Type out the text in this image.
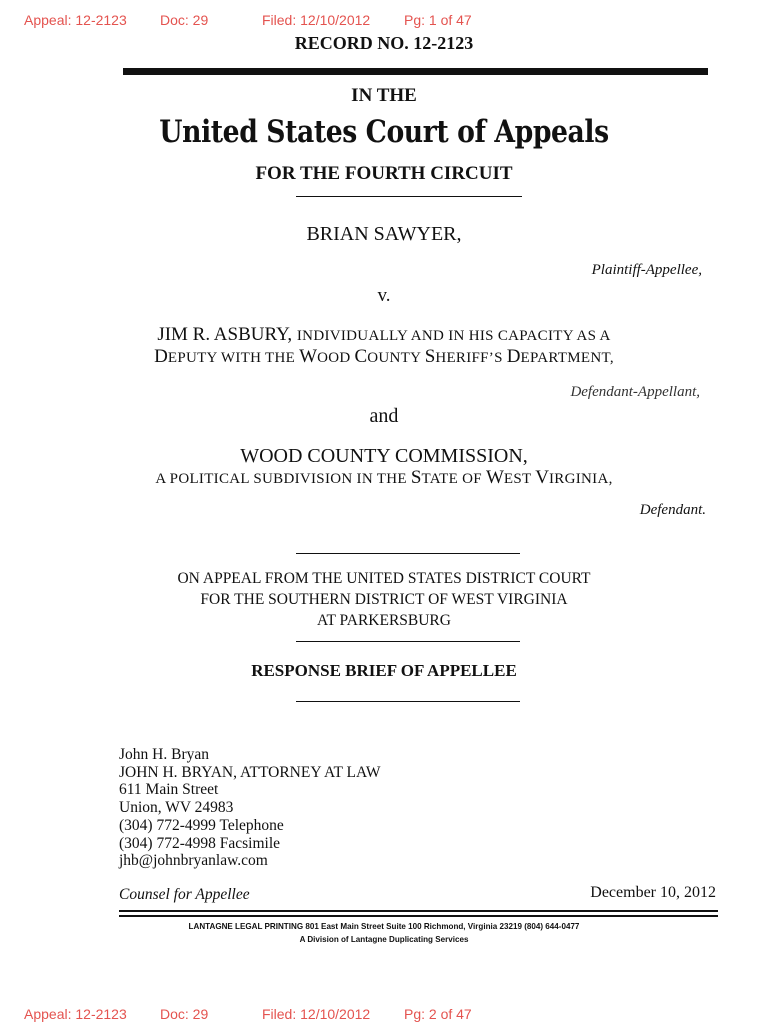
Appeal: 12-2123 Doc: 29	Filed: 12/10/2012 Pg: 1 of 47
RECORD NO. 12-2123
IN THE
United States Court of Appeals
FOR THE FOURTH CIRCUIT
BRIAN SAWYER,
Plaintiff-Appellee,
v.
JIM R. ASBURY, INDIVIDUALLY AND IN HIS CAPACITY AS A
DEPUTY WITH THE WOOD COUNTY SHERIFF’S DEPARTMENT,
Defendant-Appellant,
and
WOOD COUNTY COMMISSION,
A POLITICAL SUBDIVISION IN THE STATE OF WEST VIRGINIA,
Defendant.
ON APPEAL FROM THE UNITED STATES DISTRICT COURT
FOR THE SOUTHERN DISTRICT OF WEST VIRGINIA
AT PARKERSBURG
RESPONSE BRIEF OF APPELLEE
John H. Bryan
JOHN H. BRYAN, ATTORNEY AT LAW
611 Main Street
Union, WV 24983
(304) 772-4999 Telephone
(304) 772-4998 Facsimile
jhb@johnbryanlaw.com
Counsel for Appellee	December 10, 2012
LANTAGNE LEGAL PRINTING 801 East Main Street Suite 100 Richmond, Virginia 23219 (804) 644-0477
A Division of Lantagne Duplicating Services
Appeal: 12-2123 Doc: 29	Filed: 12/10/2012 Pg: 2 of 47
